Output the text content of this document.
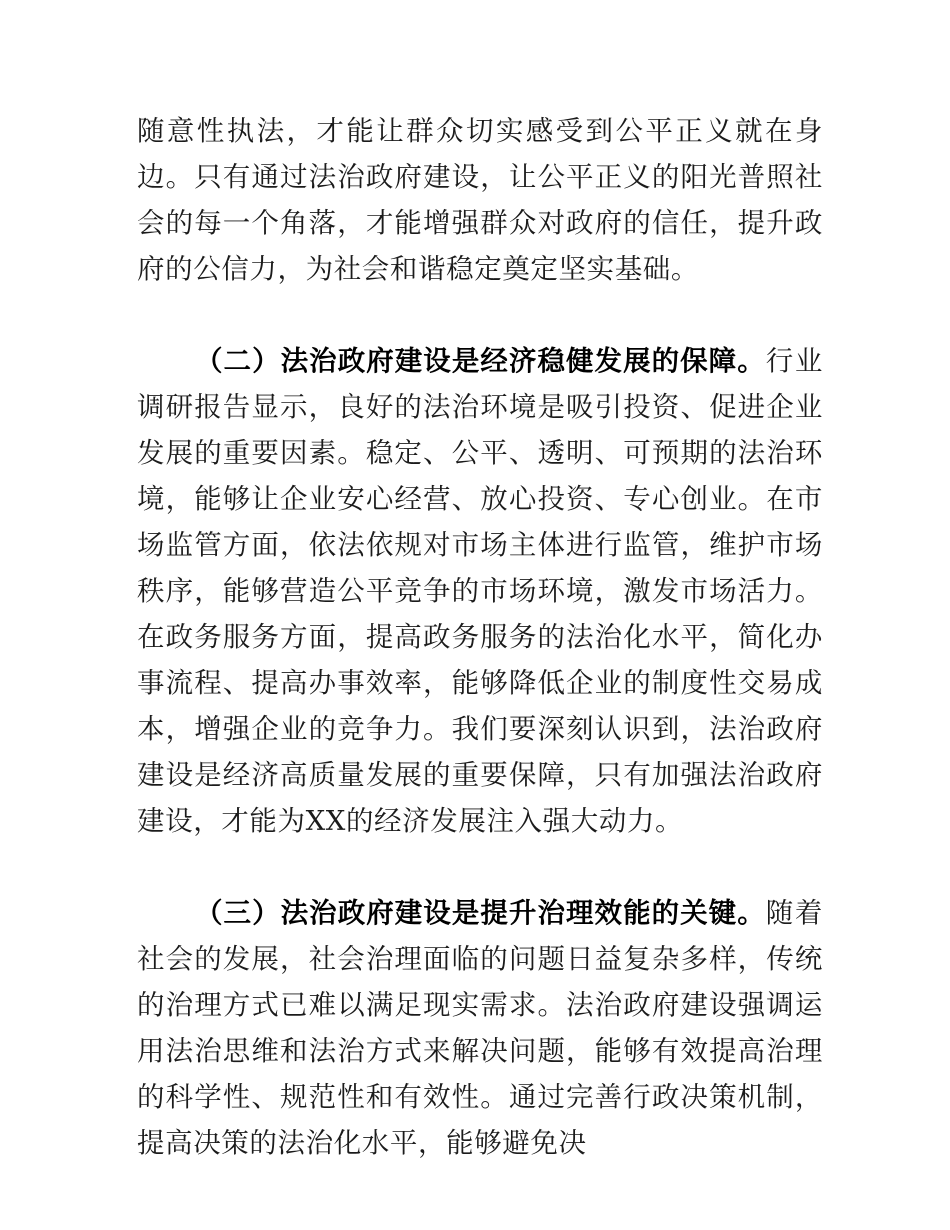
随意性执法，才能让群众切实感受到公平正义就在身边。只有通过法治政府建设，让公平正义的阳光普照社会的每一个角落，才能增强群众对政府的信任，提升政府的公信力，为社会和谐稳定奠定坚实基础。

（二）法治政府建设是经济稳健发展的保障。行业调研报告显示，良好的法治环境是吸引投资、促进企业发展的重要因素。稳定、公平、透明、可预期的法治环境，能够让企业安心经营、放心投资、专心创业。在市场监管方面，依法依规对市场主体进行监管，维护市场秩序，能够营造公平竞争的市场环境，激发市场活力。在政务服务方面，提高政务服务的法治化水平，简化办事流程、提高办事效率，能够降低企业的制度性交易成本，增强企业的竞争力。我们要深刻认识到，法治政府建设是经济高质量发展的重要保障，只有加强法治政府建设，才能为XX的经济发展注入强大动力。

（三）法治政府建设是提升治理效能的关键。随着社会的发展，社会治理面临的问题日益复杂多样，传统的治理方式已难以满足现实需求。法治政府建设强调运用法治思维和法治方式来解决问题，能够有效提高治理的科学性、规范性和有效性。通过完善行政决策机制，提高决策的法治化水平，能够避免决
